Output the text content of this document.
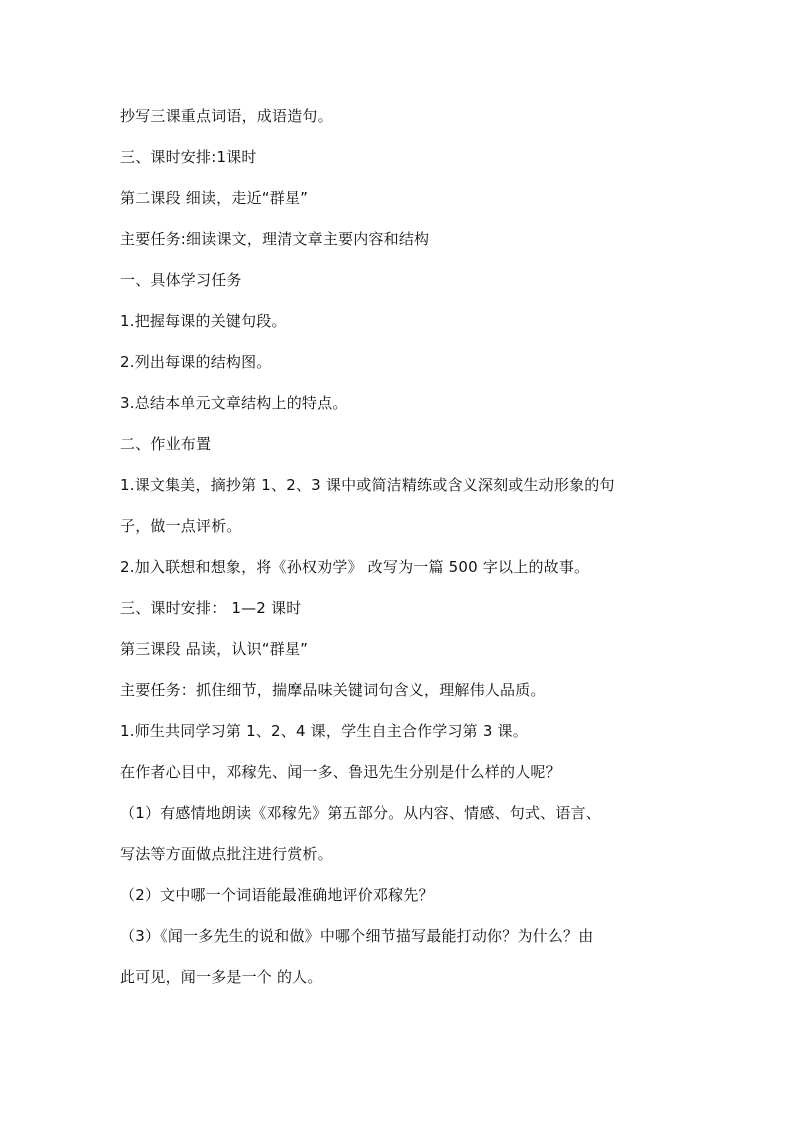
抄写三课重点词语，成语造句。

三、课时安排:1课时

第二课段 细读，走近“群星”

主要任务:细读课文，理清文章主要内容和结构

一、具体学习任务

1.把握每课的关键句段。

2.列出每课的结构图。

3.总结本单元文章结构上的特点。

二、作业布置

1.课文集美，摘抄第 1、2、3 课中或简洁精练或含义深刻或生动形象的句

子，做一点评析。

2.加入联想和想象，将《孙权劝学》 改写为一篇 500 字以上的故事。

三、课时安排： 1—2 课时

第三课段 品读，认识“群星”

主要任务：抓住细节，揣摩品味关键词句含义，理解伟人品质。

1.师生共同学习第 1、2、4 课，学生自主合作学习第 3 课。

在作者心目中，邓稼先、闻一多、鲁迅先生分别是什么样的人呢？

（1）有感情地朗读《邓稼先》第五部分。从内容、情感、句式、语言、

写法等方面做点批注进行赏析。

（2）文中哪一个词语能最准确地评价邓稼先？

（3）《闻一多先生的说和做》中哪个细节描写最能打动你？为什么？由

此可见，闻一多是一个 的人。
